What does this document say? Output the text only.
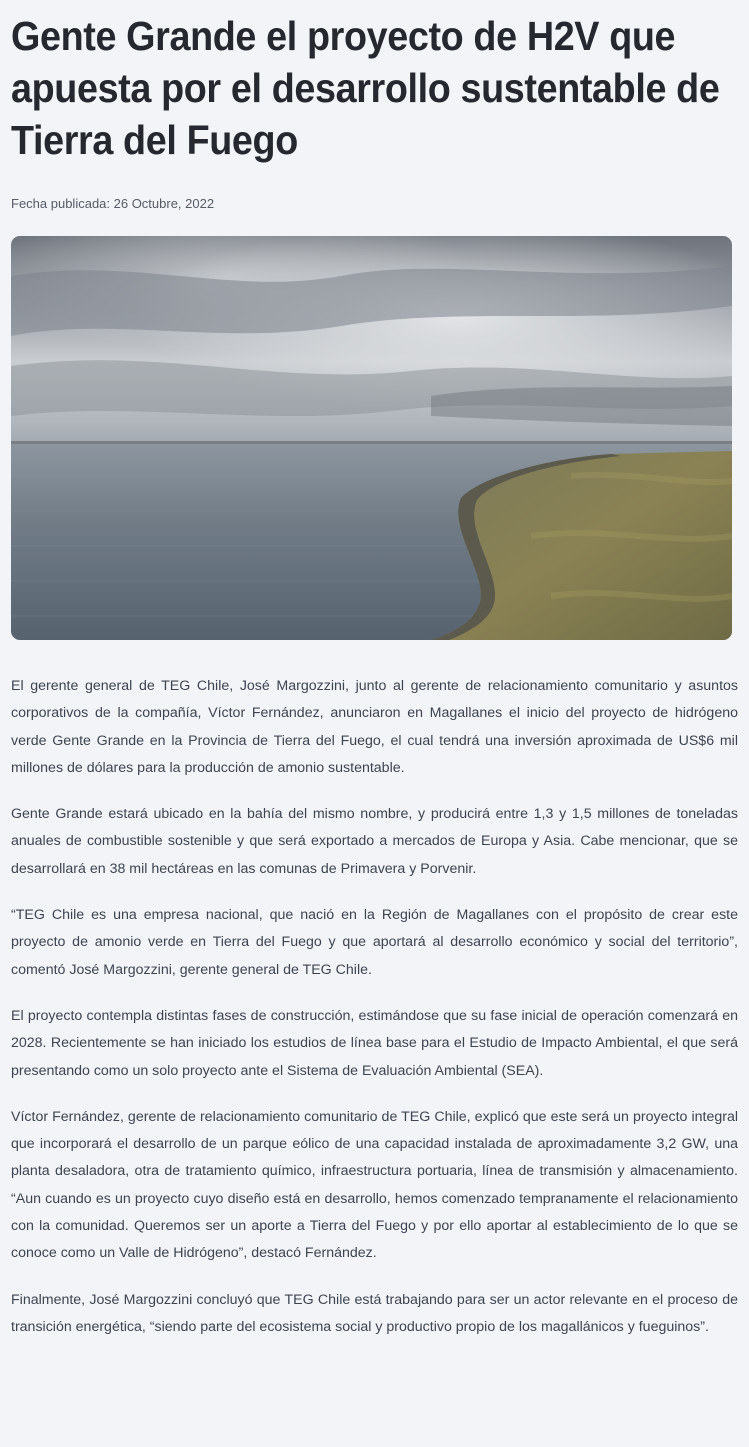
Gente Grande el proyecto de H2V que apuesta por el desarrollo sustentable de Tierra del Fuego
Fecha publicada: 26 Octubre, 2022

El gerente general de TEG Chile, José Margozzini, junto al gerente de relacionamiento comunitario y asuntos corporativos de la compañía, Víctor Fernández, anunciaron en Magallanes el inicio del proyecto de hidrógeno verde Gente Grande en la Provincia de Tierra del Fuego, el cual tendrá una inversión aproximada de US$6 mil millones de dólares para la producción de amonio sustentable.

Gente Grande estará ubicado en la bahía del mismo nombre, y producirá entre 1,3 y 1,5 millones de toneladas anuales de combustible sostenible y que será exportado a mercados de Europa y Asia. Cabe mencionar, que se desarrollará en 38 mil hectáreas en las comunas de Primavera y Porvenir.

“TEG Chile es una empresa nacional, que nació en la Región de Magallanes con el propósito de crear este proyecto de amonio verde en Tierra del Fuego y que aportará al desarrollo económico y social del territorio”, comentó José Margozzini, gerente general de TEG Chile.

El proyecto contempla distintas fases de construcción, estimándose que su fase inicial de operación comenzará en 2028. Recientemente se han iniciado los estudios de línea base para el Estudio de Impacto Ambiental, el que será presentando como un solo proyecto ante el Sistema de Evaluación Ambiental (SEA).

Víctor Fernández, gerente de relacionamiento comunitario de TEG Chile, explicó que este será un proyecto integral que incorporará el desarrollo de un parque eólico de una capacidad instalada de aproximadamente 3,2 GW, una planta desaladora, otra de tratamiento químico, infraestructura portuaria, línea de transmisión y almacenamiento. “Aun cuando es un proyecto cuyo diseño está en desarrollo, hemos comenzado tempranamente el relacionamiento con la comunidad. Queremos ser un aporte a Tierra del Fuego y por ello aportar al establecimiento de lo que se conoce como un Valle de Hidrógeno”, destacó Fernández.

Finalmente, José Margozzini concluyó que TEG Chile está trabajando para ser un actor relevante en el proceso de transición energética, “siendo parte del ecosistema social y productivo propio de los magallánicos y fueguinos”.
